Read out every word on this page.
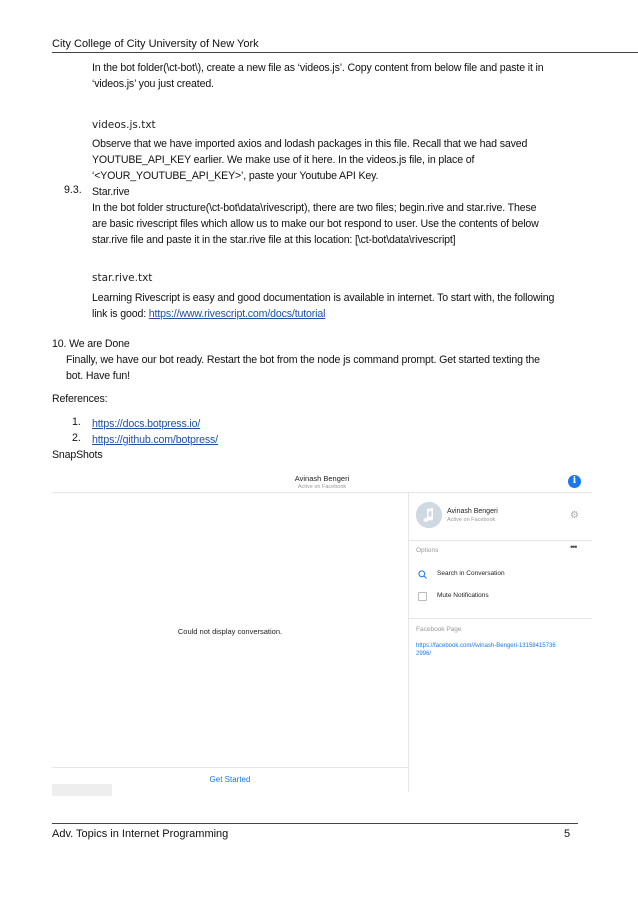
City College of City University of New York
In the bot folder(\ct-bot\), create a new file as ‘videos.js’. Copy content from below file and paste it in
‘videos.js’ you just created.
videos.js.txt
Observe that we have imported axios and lodash packages in this file. Recall that we had saved
YOUTUBE_API_KEY earlier. We make use of it here. In the videos.js file, in place of
‘<YOUR_YOUTUBE_API_KEY>’, paste your Youtube API Key.
9.3. Star.rive
In the bot folder structure(\ct-bot\data\rivescript), there are two files; begin.rive and star.rive. These
are basic rivescript files which allow us to make our bot respond to user. Use the contents of below
star.rive file and paste it in the star.rive file at this location: [\ct-bot\data\rivescript]
star.rive.txt
Learning Rivescript is easy and good documentation is available in internet. To start with, the following
link is good: https://www.rivescript.com/docs/tutorial
10. We are Done
Finally, we have our bot ready. Restart the bot from the node js command prompt. Get started texting the
bot. Have fun!
References:
1. https://docs.botpress.io/
2. https://github.com/botpress/
SnapShots
Avinash Bengeri
Active on Facebook
i
Could not display conversation.
Get Started
Avinash Bengeri
Active on Facebook	⚙
Options	•••
Search in Conversation
Mute Notifications
Facebook Page
https://facebook.com/Avinash-Bengeri-131584157362996/
Adv. Topics in Internet Programming	5
